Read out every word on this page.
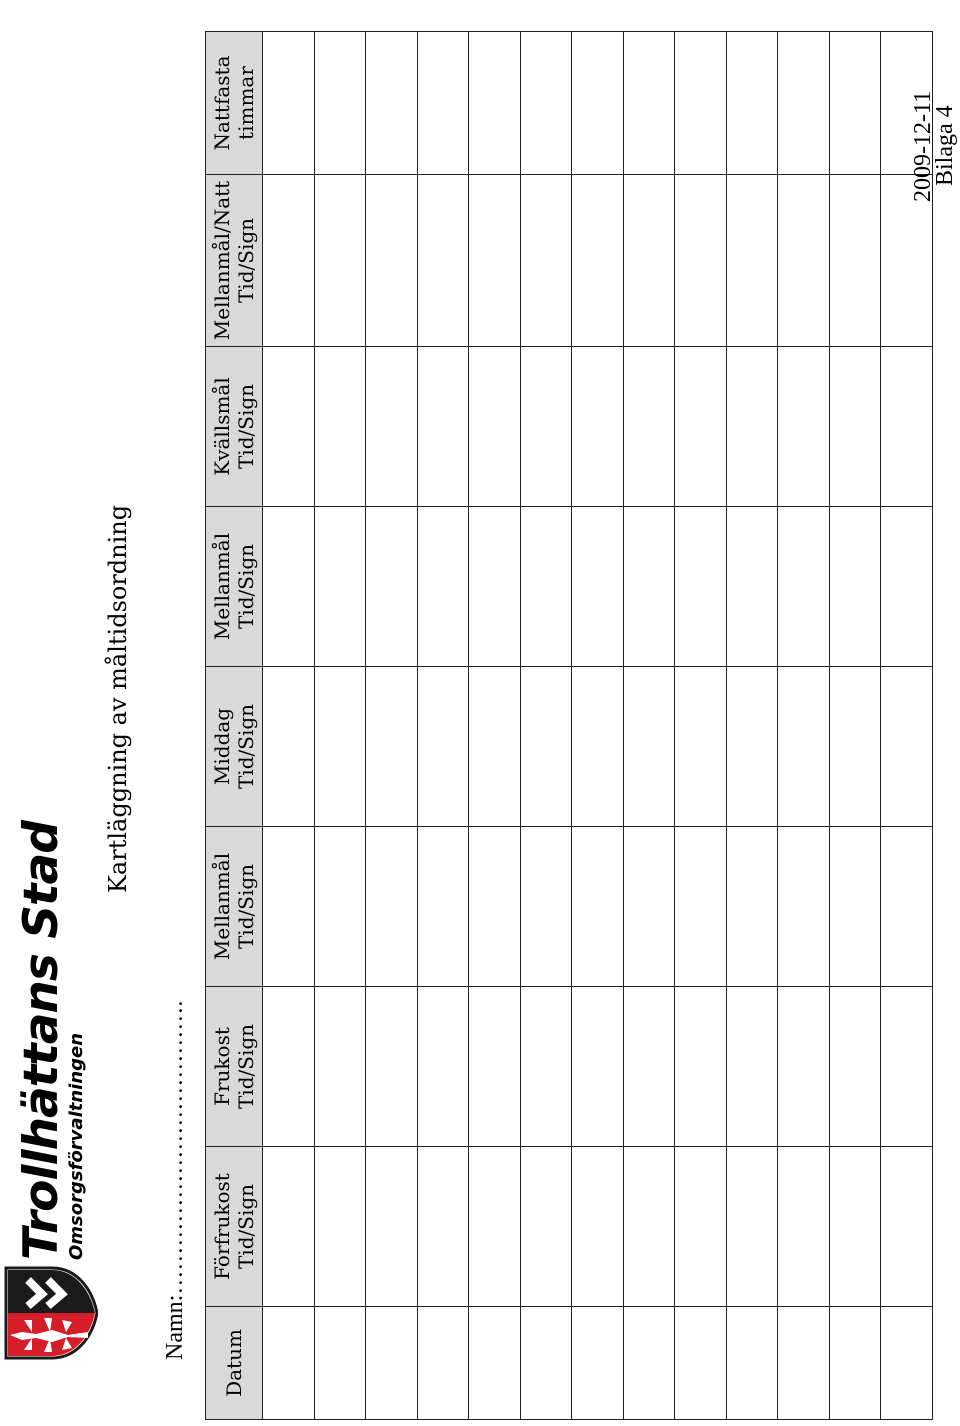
Trollhättans Stad
Omsorgsförvaltningen	Namn:……………………………….
Kartläggning av måltidsordning
Datum	Förfrukost Tid/Sign	Frukost Tid/Sign	Mellanmål Tid/Sign	Middag Tid/Sign	Mellanmål Tid/Sign	Kvällsmål Tid/Sign	Mellanmål/Natt Tid/Sign	Nattfasta timmar

									2009-12-11
Bilaga 4
